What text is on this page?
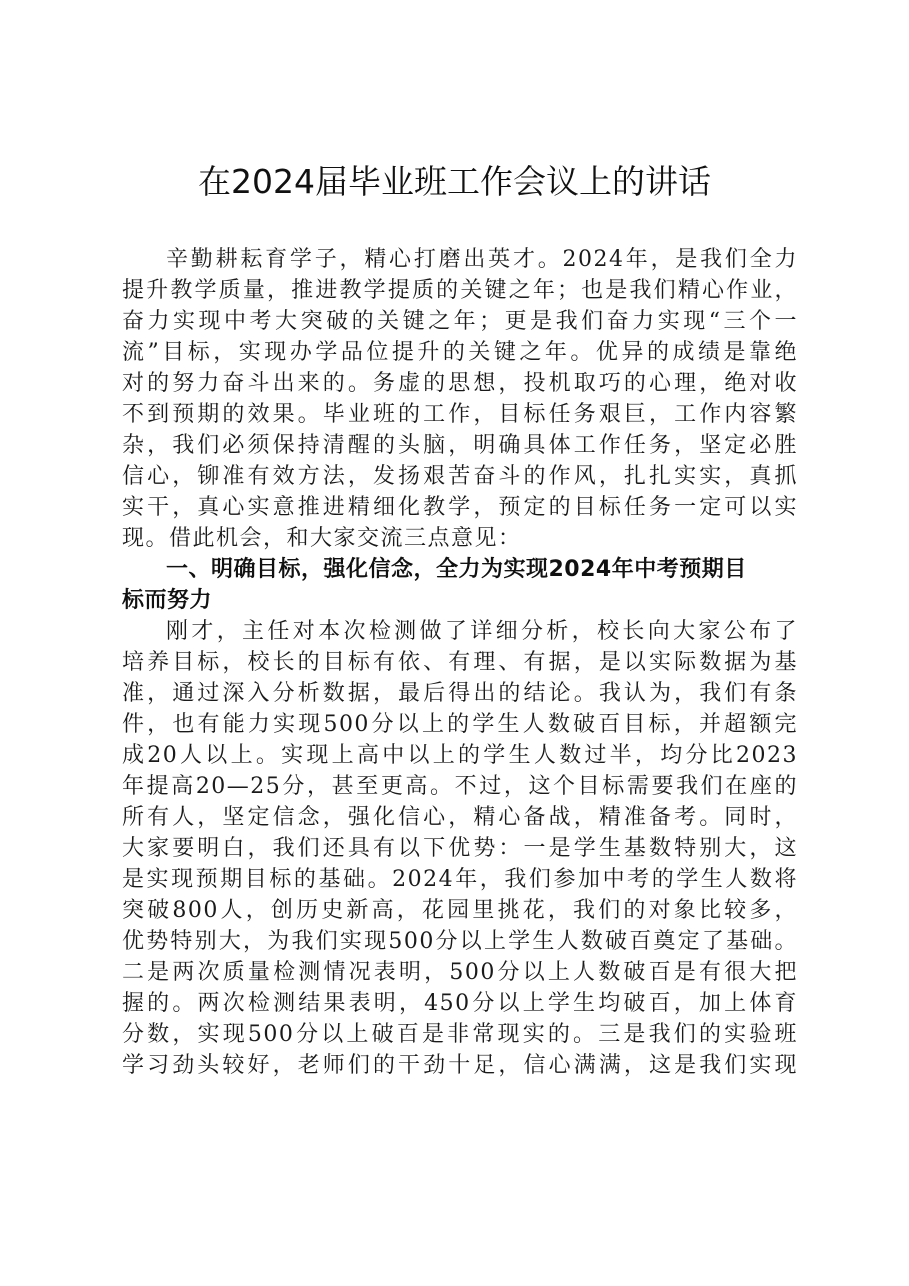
在2024届毕业班工作会议上的讲话
辛勤耕耘育学子，精心打磨出英才。2024年，是我们全力
提升教学质量，推进教学提质的关键之年；也是我们精心作业，
奋力实现中考大突破的关键之年；更是我们奋力实现“三个一
流”目标，实现办学品位提升的关键之年。优异的成绩是靠绝
对的努力奋斗出来的。务虚的思想，投机取巧的心理，绝对收
不到预期的效果。毕业班的工作，目标任务艰巨，工作内容繁
杂，我们必须保持清醒的头脑，明确具体工作任务，坚定必胜
信心，铆准有效方法，发扬艰苦奋斗的作风，扎扎实实，真抓
实干，真心实意推进精细化教学，预定的目标任务一定可以实
现。借此机会，和大家交流三点意见：
一、明确目标，强化信念，全力为实现2024年中考预期目
标而努力
刚才，主任对本次检测做了详细分析，校长向大家公布了
培养目标，校长的目标有依、有理、有据，是以实际数据为基
准，通过深入分析数据，最后得出的结论。我认为，我们有条
件，也有能力实现500分以上的学生人数破百目标，并超额完
成20人以上。实现上高中以上的学生人数过半，均分比2023
年提高20—25分，甚至更高。不过，这个目标需要我们在座的
所有人，坚定信念，强化信心，精心备战，精准备考。同时，
大家要明白，我们还具有以下优势：一是学生基数特别大，这
是实现预期目标的基础。2024年，我们参加中考的学生人数将
突破800人，创历史新高，花园里挑花，我们的对象比较多，
优势特别大，为我们实现500分以上学生人数破百奠定了基础。
二是两次质量检测情况表明，500分以上人数破百是有很大把
握的。两次检测结果表明，450分以上学生均破百，加上体育
分数，实现500分以上破百是非常现实的。三是我们的实验班
学习劲头较好，老师们的干劲十足，信心满满，这是我们实现
